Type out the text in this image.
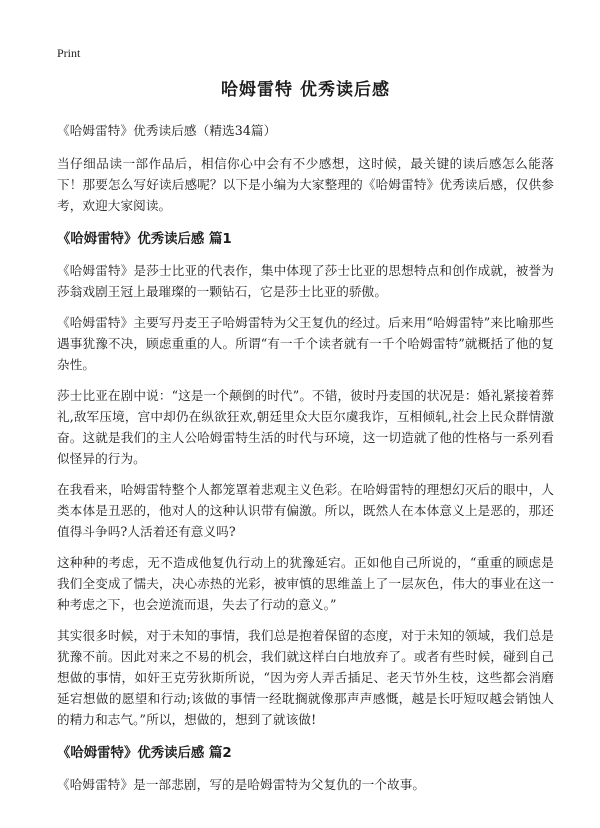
Print
哈姆雷特 优秀读后感

《哈姆雷特》优秀读后感（精选34篇）

当仔细品读一部作品后，相信你心中会有不少感想，这时候，最关键的读后感怎么能落下！那要怎么写好读后感呢？以下是小编为大家整理的《哈姆雷特》优秀读后感，仅供参考，欢迎大家阅读。

《哈姆雷特》优秀读后感 篇1

《哈姆雷特》是莎士比亚的代表作，集中体现了莎士比亚的思想特点和创作成就，被誉为莎翁戏剧王冠上最璀璨的一颗钻石，它是莎士比亚的骄傲。

《哈姆雷特》主要写丹麦王子哈姆雷特为父王复仇的经过。后来用“哈姆雷特”来比喻那些遇事犹豫不决，顾虑重重的人。所谓“有一千个读者就有一千个哈姆雷特”就概括了他的复杂性。

莎士比亚在剧中说：“这是一个颠倒的时代”。不错，彼时丹麦国的状况是：婚礼紧接着葬礼,敌军压境，宫中却仍在纵欲狂欢,朝廷里众大臣尔虞我诈，互相倾轧,社会上民众群情激奋。这就是我们的主人公哈姆雷特生活的时代与环境，这一切造就了他的性格与一系列看似怪异的行为。

在我看来，哈姆雷特整个人都笼罩着悲观主义色彩。在哈姆雷特的理想幻灭后的眼中，人类本体是丑恶的，他对人的这种认识带有偏激。所以，既然人在本体意义上是恶的，那还值得斗争吗?人活着还有意义吗?

这种种的考虑，无不造成他复仇行动上的犹豫延宕。正如他自己所说的，“重重的顾虑是我们全变成了懦夫，决心赤热的光彩，被审慎的思维盖上了一层灰色，伟大的事业在这一种考虑之下，也会逆流而退，失去了行动的意义。”

其实很多时候，对于未知的事情，我们总是抱着保留的态度，对于未知的领域，我们总是犹豫不前。因此对来之不易的机会，我们就这样白白地放弃了。或者有些时候，碰到自己想做的事情，如奸王克劳狄斯所说，“因为旁人弄舌插足、老天节外生枝，这些都会消磨延宕想做的愿望和行动;该做的事情一经耽搁就像那声声感慨，越是长吁短叹越会销蚀人的精力和志气。”所以，想做的，想到了就该做!

《哈姆雷特》优秀读后感 篇2

《哈姆雷特》是一部悲剧，写的是哈姆雷特为父复仇的一个故事。
